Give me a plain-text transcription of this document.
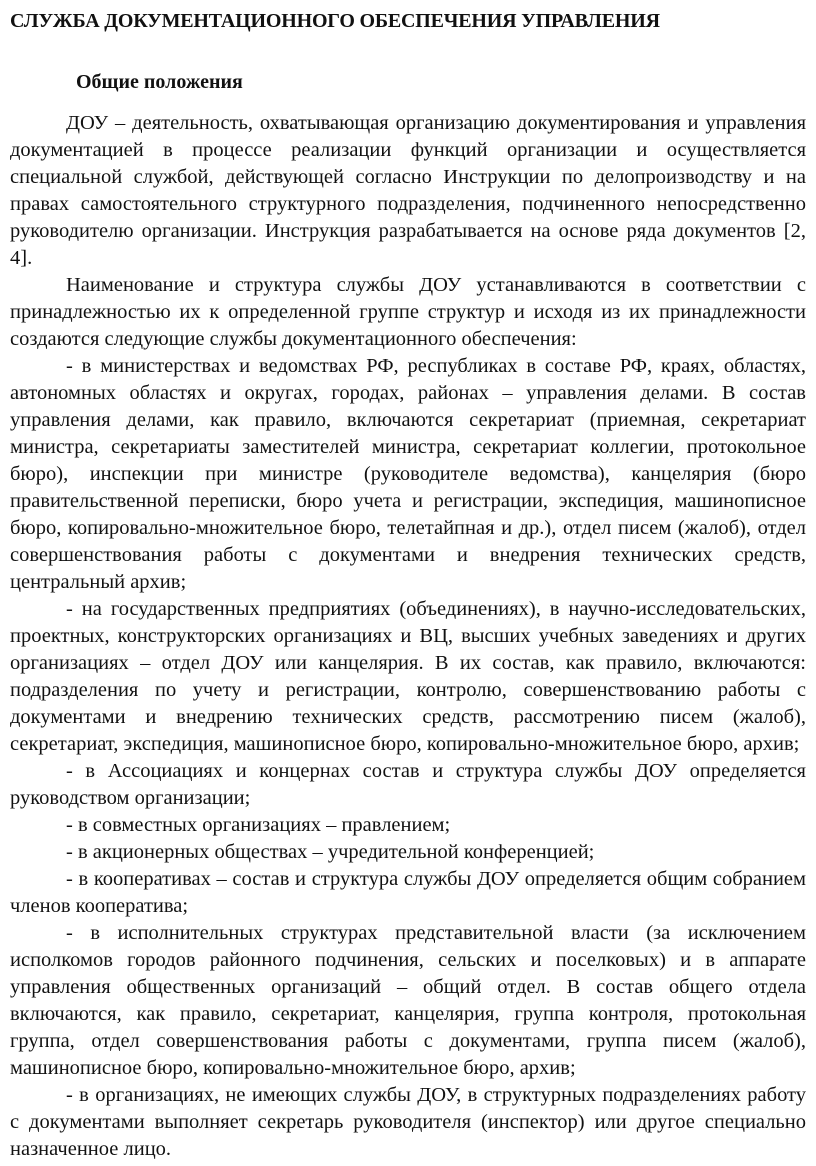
СЛУЖБА ДОКУМЕНТАЦИОННОГО ОБЕСПЕЧЕНИЯ УПРАВЛЕНИЯ
Общие положения

ДОУ – деятельность, охватывающая организацию документирования и управления документацией в процессе реализации функций организации и осуществляется специальной службой, действующей согласно Инструкции по делопроизводству и на правах самостоятельного структурного подразделения, подчиненного непосредственно руководителю организации. Инструкция разрабатывается на основе ряда документов [2, 4].

Наименование и структура службы ДОУ устанавливаются в соответствии с принадлежностью их к определенной группе структур и исходя из их принадлежности создаются следующие службы документационного обеспечения:

- в министерствах и ведомствах РФ, республиках в составе РФ, краях, областях, автономных областях и округах, городах, районах – управления делами. В состав управления делами, как правило, включаются секретариат (приемная, секретариат министра, секретариаты заместителей министра, секретариат коллегии, протокольное бюро), инспекции при министре (руководителе ведомства), канцелярия (бюро правительственной переписки, бюро учета и регистрации, экспедиция, машинописное бюро, копировально-множительное бюро, телетайпная и др.), отдел писем (жалоб), отдел совершенствования работы с документами и внедрения технических средств, центральный архив;

- на государственных предприятиях (объединениях), в научно-исследовательских, проектных, конструкторских организациях и ВЦ, высших учебных заведениях и других организациях – отдел ДОУ или канцелярия. В их состав, как правило, включаются: подразделения по учету и регистрации, контролю, совершенствованию работы с документами и внедрению технических средств, рассмотрению писем (жалоб), секретариат, экспедиция, машинописное бюро, копировально-множительное бюро, архив;

- в Ассоциациях и концернах состав и структура службы ДОУ определяется руководством организации;

- в совместных организациях – правлением;

- в акционерных обществах – учредительной конференцией;

- в кооперативах – состав и структура службы ДОУ определяется общим собранием членов кооператива;

- в исполнительных структурах представительной власти (за исключением исполкомов городов районного подчинения, сельских и поселковых) и в аппарате управления общественных организаций – общий отдел. В состав общего отдела включаются, как правило, секретариат, канцелярия, группа контроля, протокольная группа, отдел совершенствования работы с документами, группа писем (жалоб), машинописное бюро, копировально-множительное бюро, архив;

- в организациях, не имеющих службы ДОУ, в структурных подразделениях работу с документами выполняет секретарь руководителя (инспектор) или другое специально назначенное лицо.
